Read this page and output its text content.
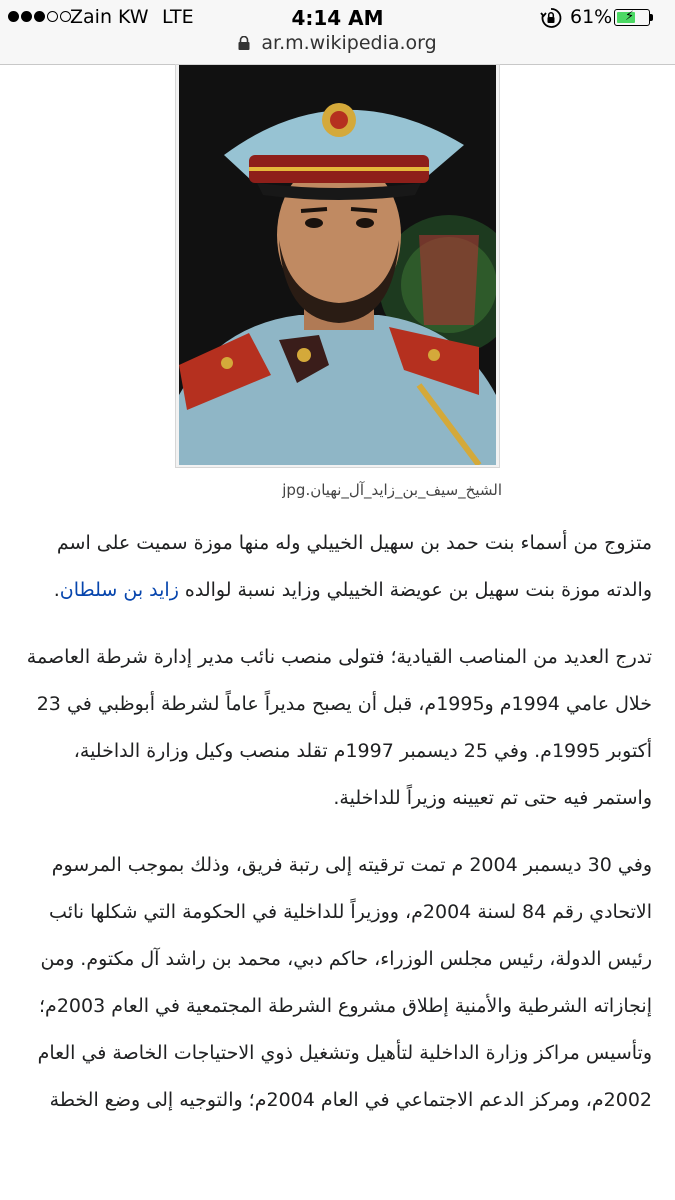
Zain KW LTE	4:14 AM	61% ⚡
ar.m.wikipedia.org
الشيخ_سيف_بن_زايد_آل_نهيان.jpg

متزوج من أسماء بنت حمد بن سهيل الخييلي وله منها موزة سميت على اسم والدته موزة بنت سهيل بن عويضة الخييلي وزايد نسبة لوالده زايد بن سلطان.

تدرج العديد من المناصب القيادية؛ فتولى منصب نائب مدير إدارة شرطة العاصمة خلال عامي 1994م و1995م، قبل أن يصبح مديراً عاماً لشرطة أبوظبي في 23 أكتوبر 1995م. وفي 25 ديسمبر 1997م تقلد منصب وكيل وزارة الداخلية، واستمر فيه حتى تم تعيينه وزيراً للداخلية.

وفي 30 ديسمبر 2004 م تمت ترقيته إلى رتبة فريق، وذلك بموجب المرسوم الاتحادي رقم 84 لسنة 2004م، ووزيراً للداخلية في الحكومة التي شكلها نائب رئيس الدولة، رئيس مجلس الوزراء، حاكم دبي، محمد بن راشد آل مكتوم. ومن إنجازاته الشرطية والأمنية إطلاق مشروع الشرطة المجتمعية في العام 2003م؛ وتأسيس مراكز وزارة الداخلية لتأهيل وتشغيل ذوي الاحتياجات الخاصة في العام 2002م، ومركز الدعم الاجتماعي في العام 2004م؛ والتوجيه إلى وضع الخطة
